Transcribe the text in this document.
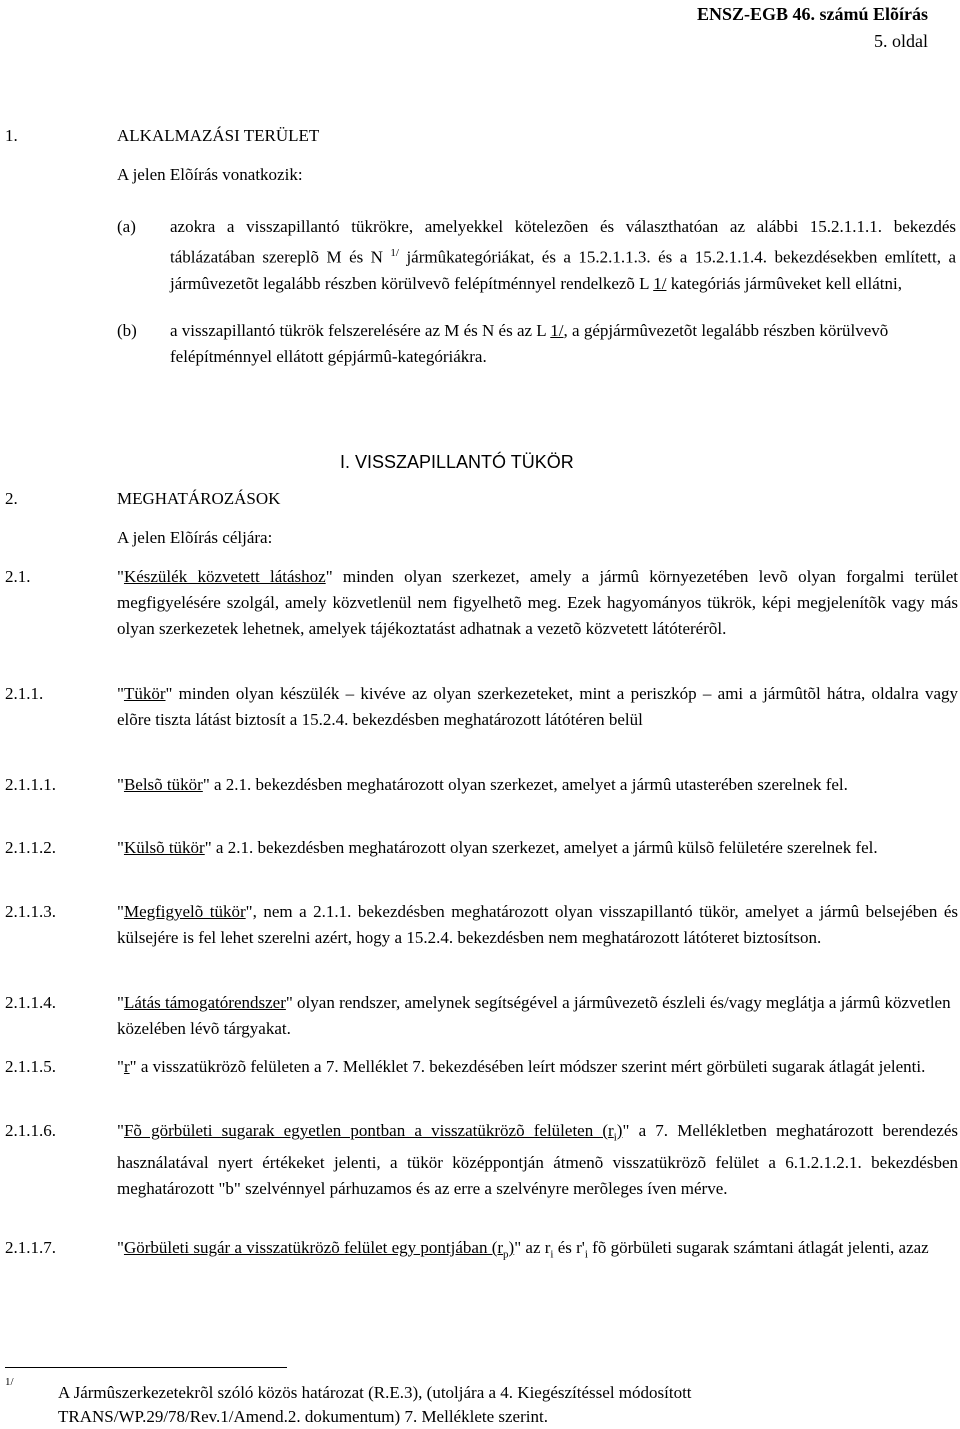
ENSZ-EGB 46. számú Elõírás
5. oldal
1.	ALKALMAZÁSI TERÜLET
A jelen Elõírás vonatkozik:
(a) azokra a visszapillantó tükrökre, amelyekkel kötelezõen és választhatóan az alábbi 15.2.1.1.1. bekezdés táblázatában szereplõ M és N $^{1/}$ jármûkategóriákat, és a 15.2.1.1.3. és a 15.2.1.1.4. bekezdésekben említett, a jármûvezetõt legalább részben körülvevõ felépítménnyel rendelkezõ L 1/ kategóriás jármûveket kell ellátni,
(b) a visszapillantó tükrök felszerelésére az M és N és az L 1/, a gépjármûvezetõt legalább részben körülvevõ felépítménnyel ellátott gépjármû-kategóriákra.
I. VISSZAPILLANTÓ TÜKÖR
2.	MEGHATÁROZÁSOK
A jelen Elõírás céljára:
2.1.	"Készülék közvetett látáshoz" minden olyan szerkezet, amely a jármû környezetében levõ olyan forgalmi terület megfigyelésére szolgál, amely közvetlenül nem figyelhetõ meg. Ezek hagyományos tükrök, képi megjelenítõk vagy más olyan szerkezetek lehetnek, amelyek tájékoztatást adhatnak a vezetõ közvetett látóterérõl.
2.1.1.	"Tükör" minden olyan készülék – kivéve az olyan szerkezeteket, mint a periszkóp – ami a jármûtõl hátra, oldalra vagy elõre tiszta látást biztosít a 15.2.4. bekezdésben meghatározott látótéren belül
2.1.1.1.	"Belsõ tükör" a 2.1. bekezdésben meghatározott olyan szerkezet, amelyet a jármû utasterében szerelnek fel.
2.1.1.2.	"Külsõ tükör" a 2.1. bekezdésben meghatározott olyan szerkezet, amelyet a jármû külsõ felületére szerelnek fel.
2.1.1.3.	"Megfigyelõ tükör", nem a 2.1.1. bekezdésben meghatározott olyan visszapillantó tükör, amelyet a jármû belsejében és külsejére is fel lehet szerelni azért, hogy a 15.2.4. bekezdésben nem meghatározott látóteret biztosítson.
2.1.1.4.	"Látás támogatórendszer" olyan rendszer, amelynek segítségével a jármûvezetõ észleli és/vagy meglátja a jármû közvetlen közelében lévõ tárgyakat.
2.1.1.5.	"r" a visszatükrözõ felületen a 7. Melléklet 7. bekezdésében leírt módszer szerint mért görbületi sugarak átlagát jelenti.
2.1.1.6.	"Fõ görbületi sugarak egyetlen pontban a visszatükrözõ felületen $(r_i)$" a 7. Mellékletben meghatározott berendezés használatával nyert értékeket jelenti, a tükör középpontján átmenõ visszatükrözõ felület a 6.1.2.1.2.1. bekezdésben meghatározott "b" szelvénnyel párhuzamos és az erre a szelvényre merõleges íven mérve.
2.1.1.7.	"Görbületi sugár a visszatükrözõ felület egy pontjában $(r_p)$" az $r_i$ és $r'_i$ fõ görbületi sugarak számtani átlagát jelenti, azaz
1/
A Jármûszerkezetekrõl szóló közös határozat (R.E.3), (utoljára a 4. Kiegészítéssel módosított
TRANS/WP.29/78/Rev.1/Amend.2. dokumentum) 7. Melléklete szerint.
